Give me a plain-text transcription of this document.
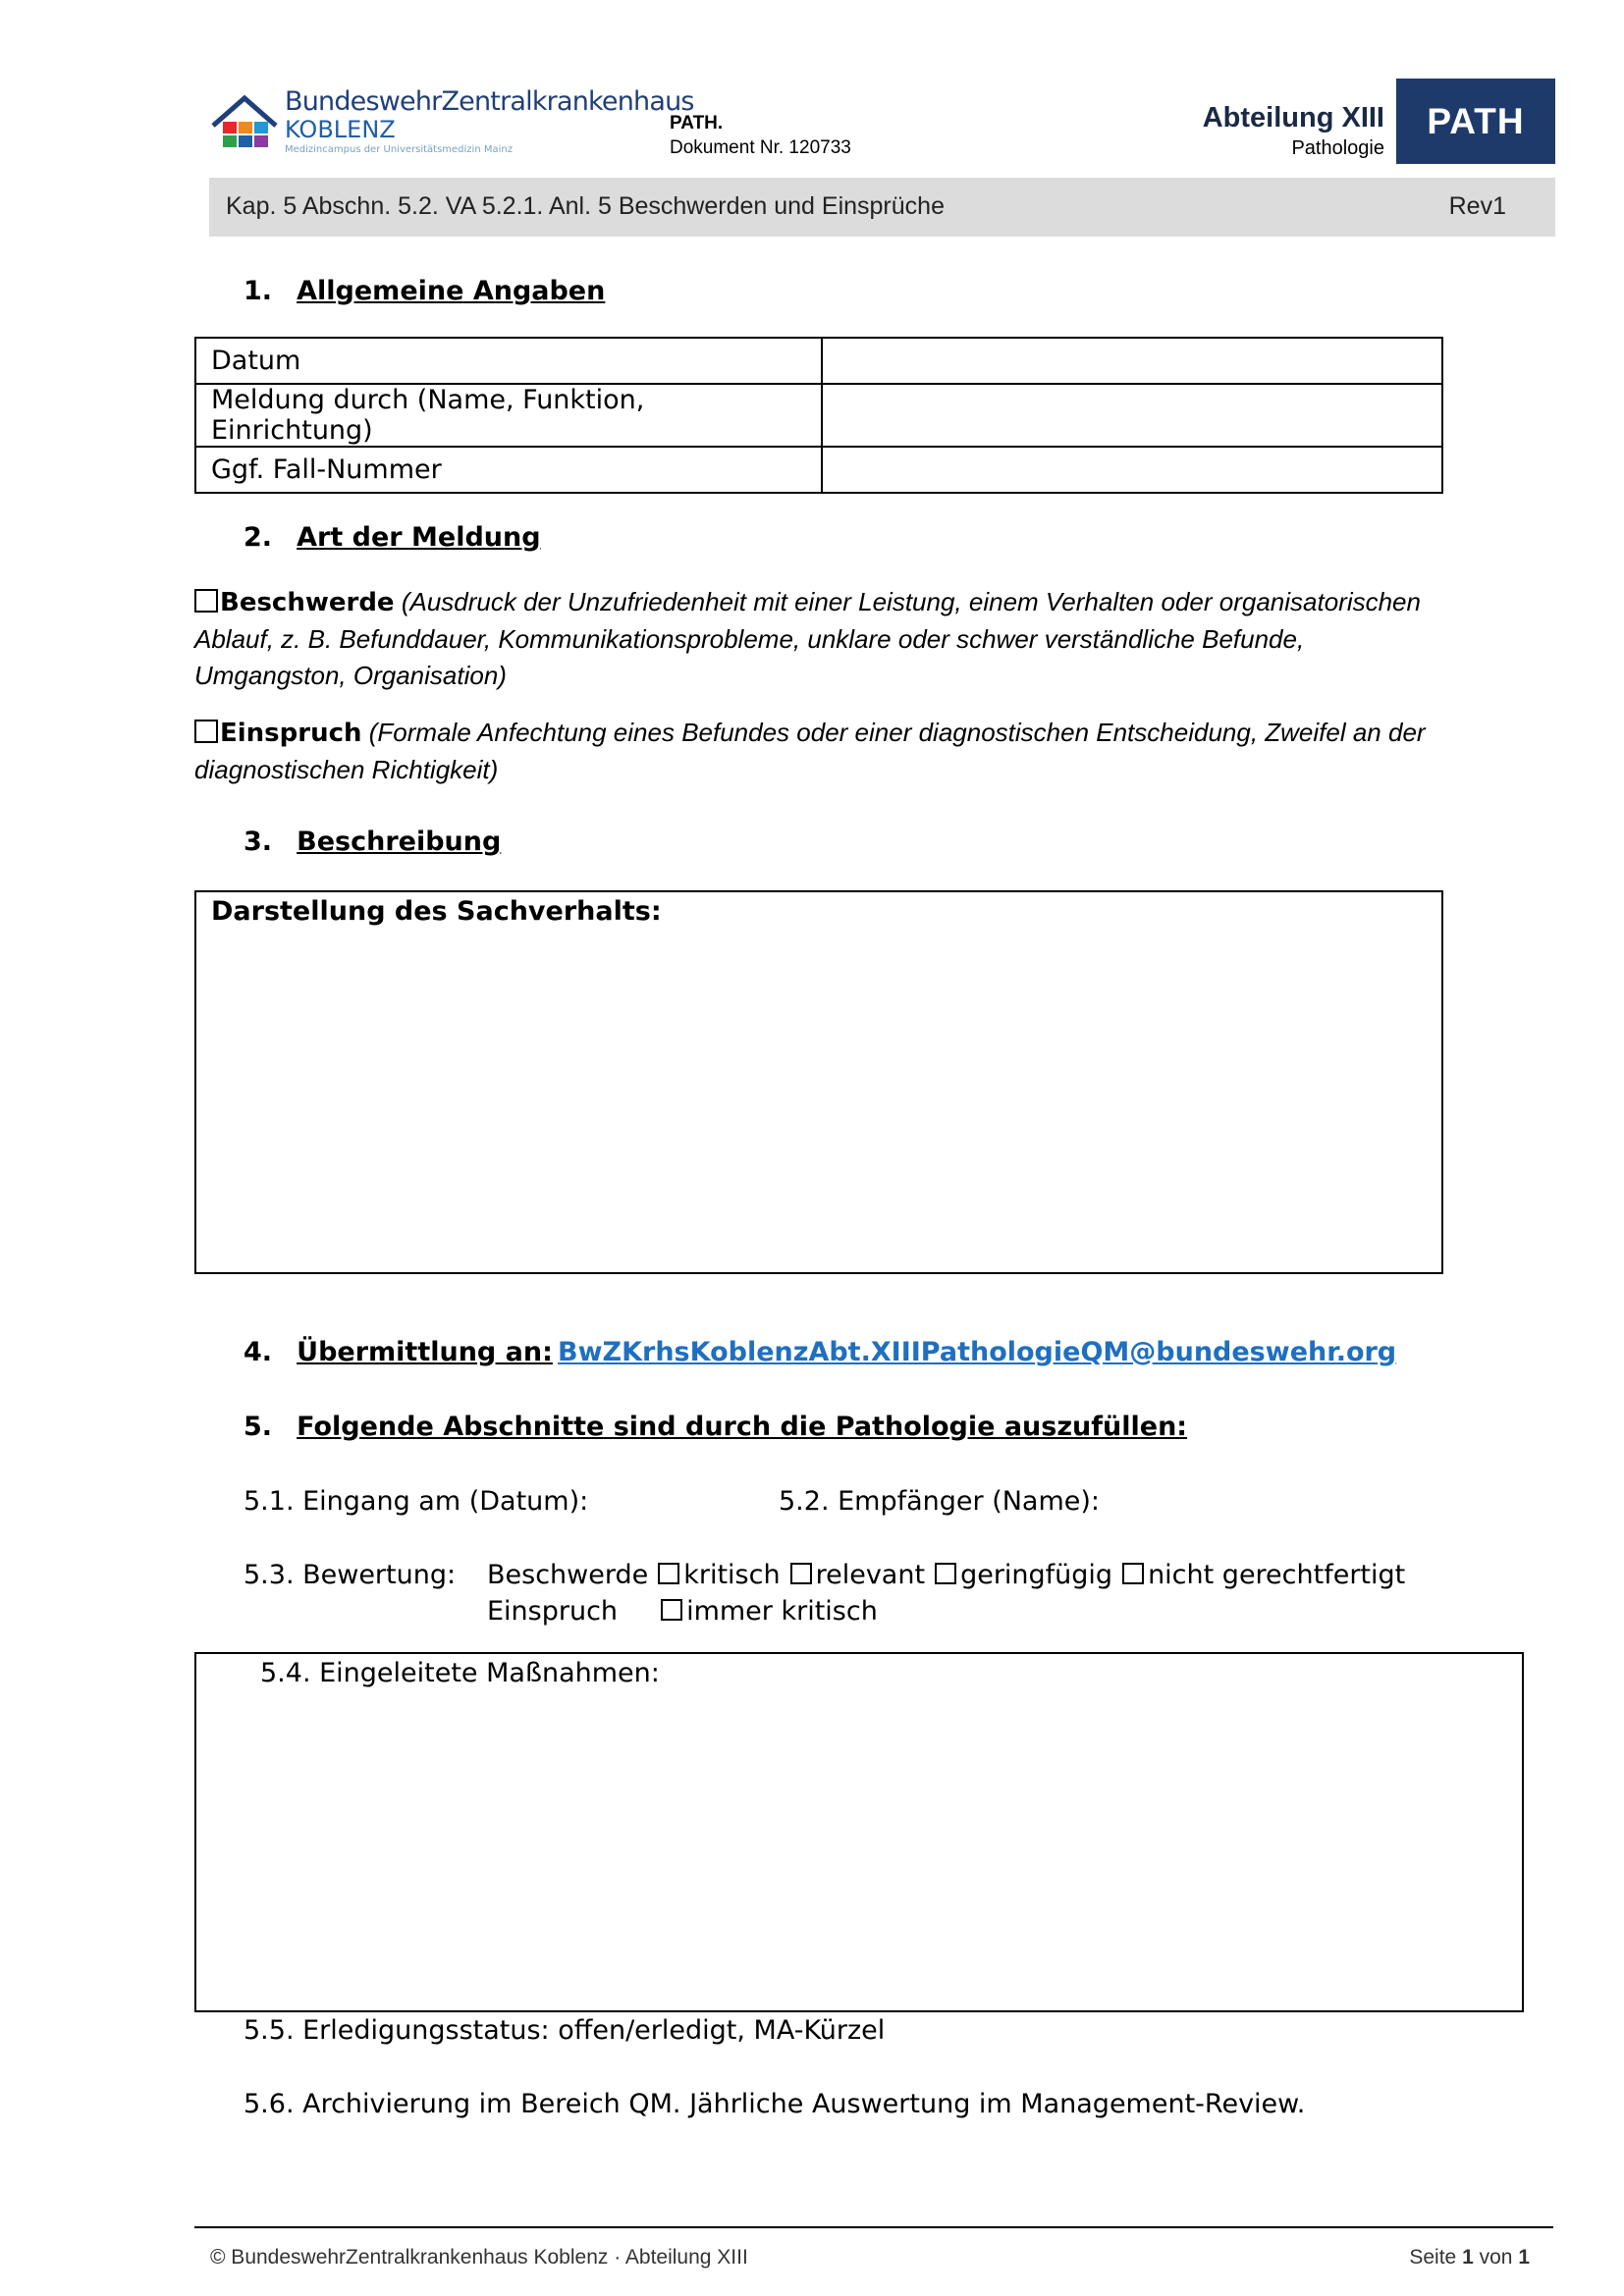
BundeswehrZentralkrankenhaus
KOBLENZ
Medizincampus der Universitätsmedizin Mainz
PATH.
Dokument Nr. 120733
Abteilung XIII
Pathologie
PATH
Kap. 5 Abschn. 5.2. VA 5.2.1. Anl. 5 Beschwerden und Einsprüche	Rev1
1. Allgemeine Angaben
Datum	
Meldung durch (Name, Funktion, Einrichtung)	
Ggf. Fall-Nummer	
2. Art der Meldung
Beschwerde (Ausdruck der Unzufriedenheit mit einer Leistung, einem Verhalten oder organisatorischen Ablauf, z. B. Befunddauer, Kommunikationsprobleme, unklare oder schwer verständliche Befunde, Umgangston, Organisation)
Einspruch (Formale Anfechtung eines Befundes oder einer diagnostischen Entscheidung, Zweifel an der diagnostischen Richtigkeit)
3. Beschreibung
Darstellung des Sachverhalts:
4. Übermittlung an: BwZKrhsKoblenzAbt.XIIIPathologieQM@bundeswehr.org
5. Folgende Abschnitte sind durch die Pathologie auszufüllen:
5.1. Eingang am (Datum):	5.2. Empfänger (Name):
5.3. Bewertung: Beschwerde kritisch relevant geringfügig nicht gerechtfertigt
Einspruch	immer kritisch
5.4. Eingeleitete Maßnahmen:
5.5. Erledigungsstatus: offen/erledigt, MA-Kürzel
5.6. Archivierung im Bereich QM. Jährliche Auswertung im Management-Review.
© BundeswehrZentralkrankenhaus Koblenz · Abteilung XIII	Seite 1 von 1
